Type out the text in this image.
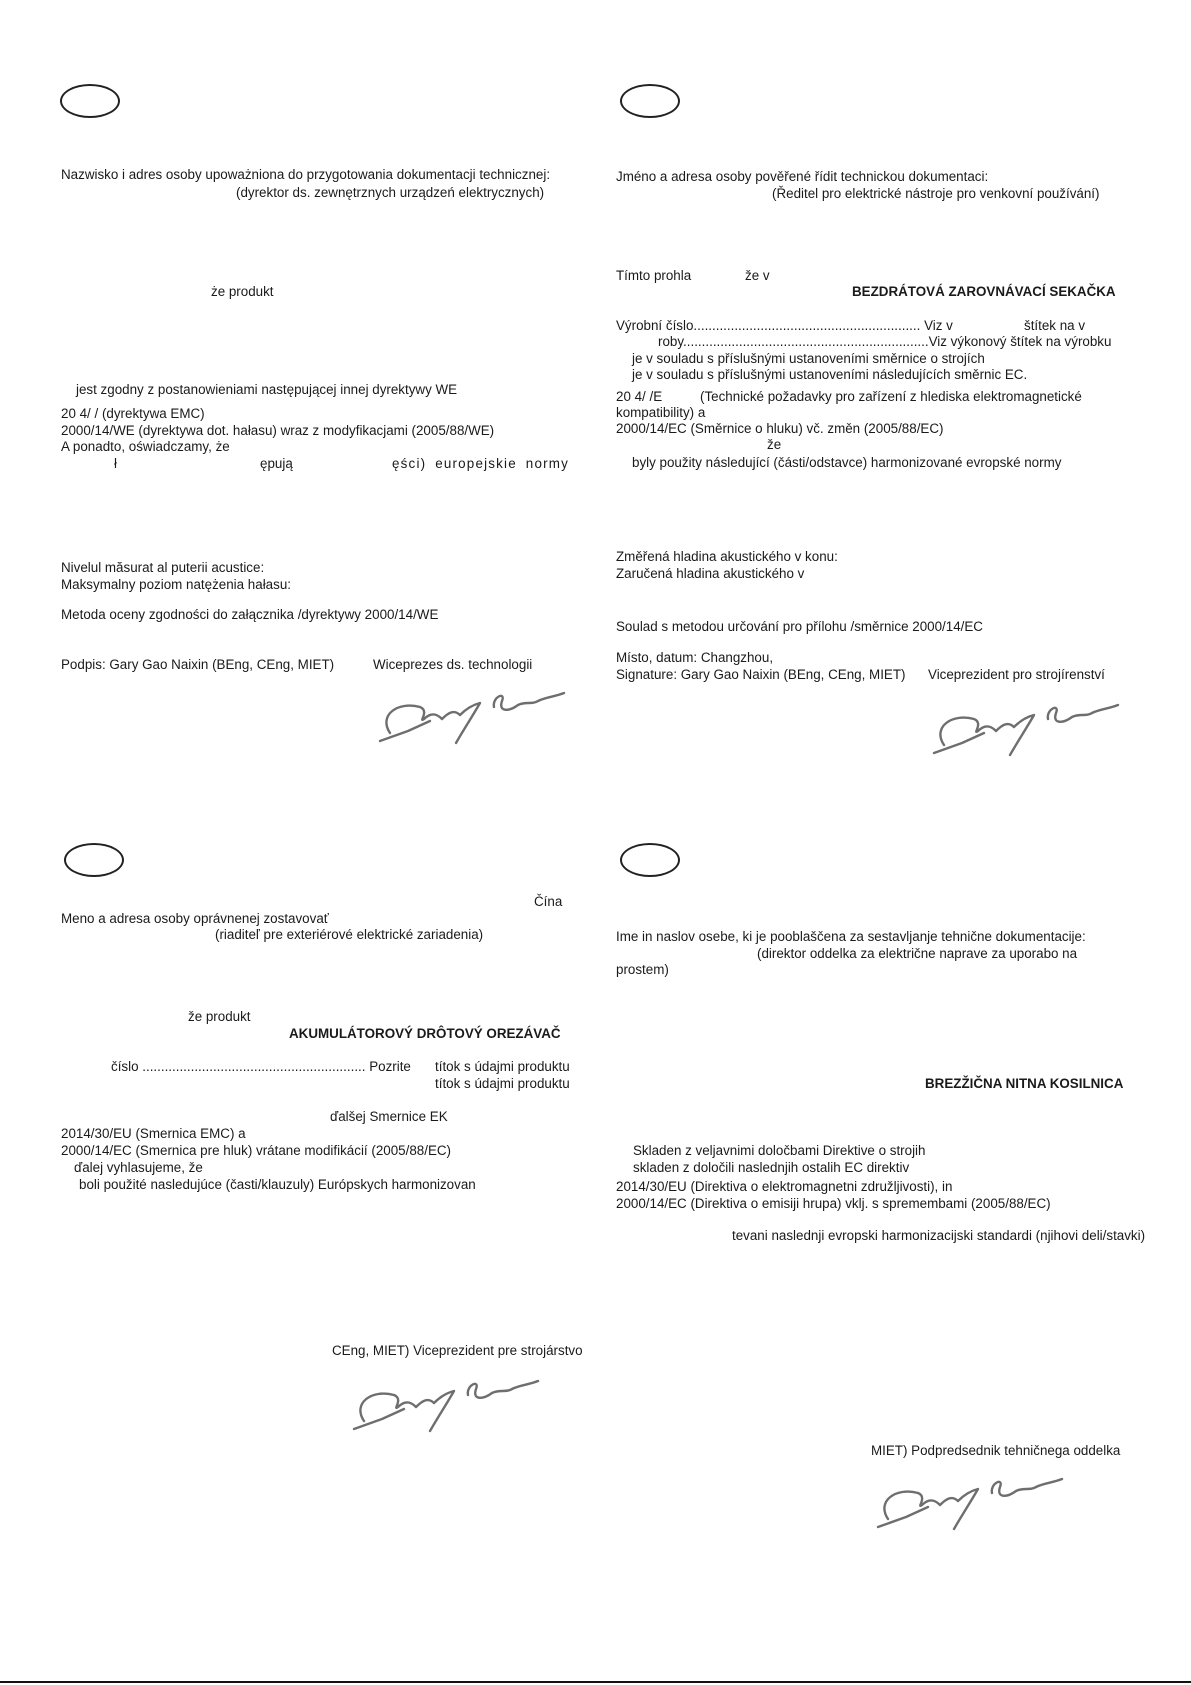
Nazwisko i adres osoby upoważniona do przygotowania dokumentacji technicznej:
(dyrektor ds. zewnętrznych urządzeń elektrycznych)
że produkt
jest zgodny z postanowieniami następującej innej dyrektywy WE
20 4/ / (dyrektywa EMC)
2000/14/WE (dyrektywa dot. hałasu) wraz z modyfikacjami (2005/88/WE)
A ponadto, oświadczamy, że
ł	ępują	ęści) europejskie normy
Nivelul măsurat al puterii acustice:
Maksymalny poziom natężenia hałasu:
Metoda oceny zgodności do załącznika /dyrektywy 2000/14/WE
Podpis: Gary Gao Naixin (BEng, CEng, MIET)	Wiceprezes ds. technologii
Jméno a adresa osoby pověřené řídit technickou dokumentaci:
(Ředitel pro elektrické nástroje pro venkovní používání)
Tímto prohla	že v
BEZDRÁTOVÁ ZAROVNÁVACÍ SEKAČKA
Výrobní číslo............................................................. Viz v	štítek na v
roby..................................................................Viz výkonový štítek na výrobku
je v souladu s příslušnými ustanoveními směrnice o strojích
je v souladu s příslušnými ustanoveními následujících směrnic EC.
20 4/ /E	(Technické požadavky pro zařízení z hlediska elektromagnetické
kompatibility) a
2000/14/EC (Směrnice o hluku) vč. změn (2005/88/EC)
že
byly použity následující (části/odstavce) harmonizované evropské normy
Změřená hladina akustického v konu:
Zaručená hladina akustického v
Soulad s metodou určování pro přílohu /směrnice 2000/14/EC
Místo, datum: Changzhou,
Signature: Gary Gao Naixin (BEng, CEng, MIET) Viceprezident pro strojírenství
Čína
Meno a adresa osoby oprávnenej zostavovať
(riaditeľ pre exteriérové elektrické zariadenia)
že produkt
AKUMULÁTOROVÝ DRÔTOVÝ OREZÁVAČ
číslo ............................................................ Pozrite títok s údajmi produktu
títok s údajmi produktu
ďalšej Smernice EK
2014/30/EU (Smernica EMC) a
2000/14/EC (Smernica pre hluk) vrátane modifikácií (2005/88/EC)
ďalej vyhlasujeme, že
boli použité nasledujúce (časti/klauzuly) Európskych harmonizovan
CEng, MIET) Viceprezident pre strojárstvo
Ime in naslov osebe, ki je pooblaščena za sestavljanje tehnične dokumentacije:
(direktor oddelka za električne naprave za uporabo na
prostem)
BREZŽIČNA NITNA KOSILNICA
Skladen z veljavnimi določbami Direktive o strojih
skladen z določili naslednjih ostalih EC direktiv
2014/30/EU (Direktiva o elektromagnetni združljivosti), in
2000/14/EC (Direktiva o emisiji hrupa) vklj. s spremembami (2005/88/EC)
tevani naslednji evropski harmonizacijski standardi (njihovi deli/stavki)
MIET) Podpredsednik tehničnega oddelka
